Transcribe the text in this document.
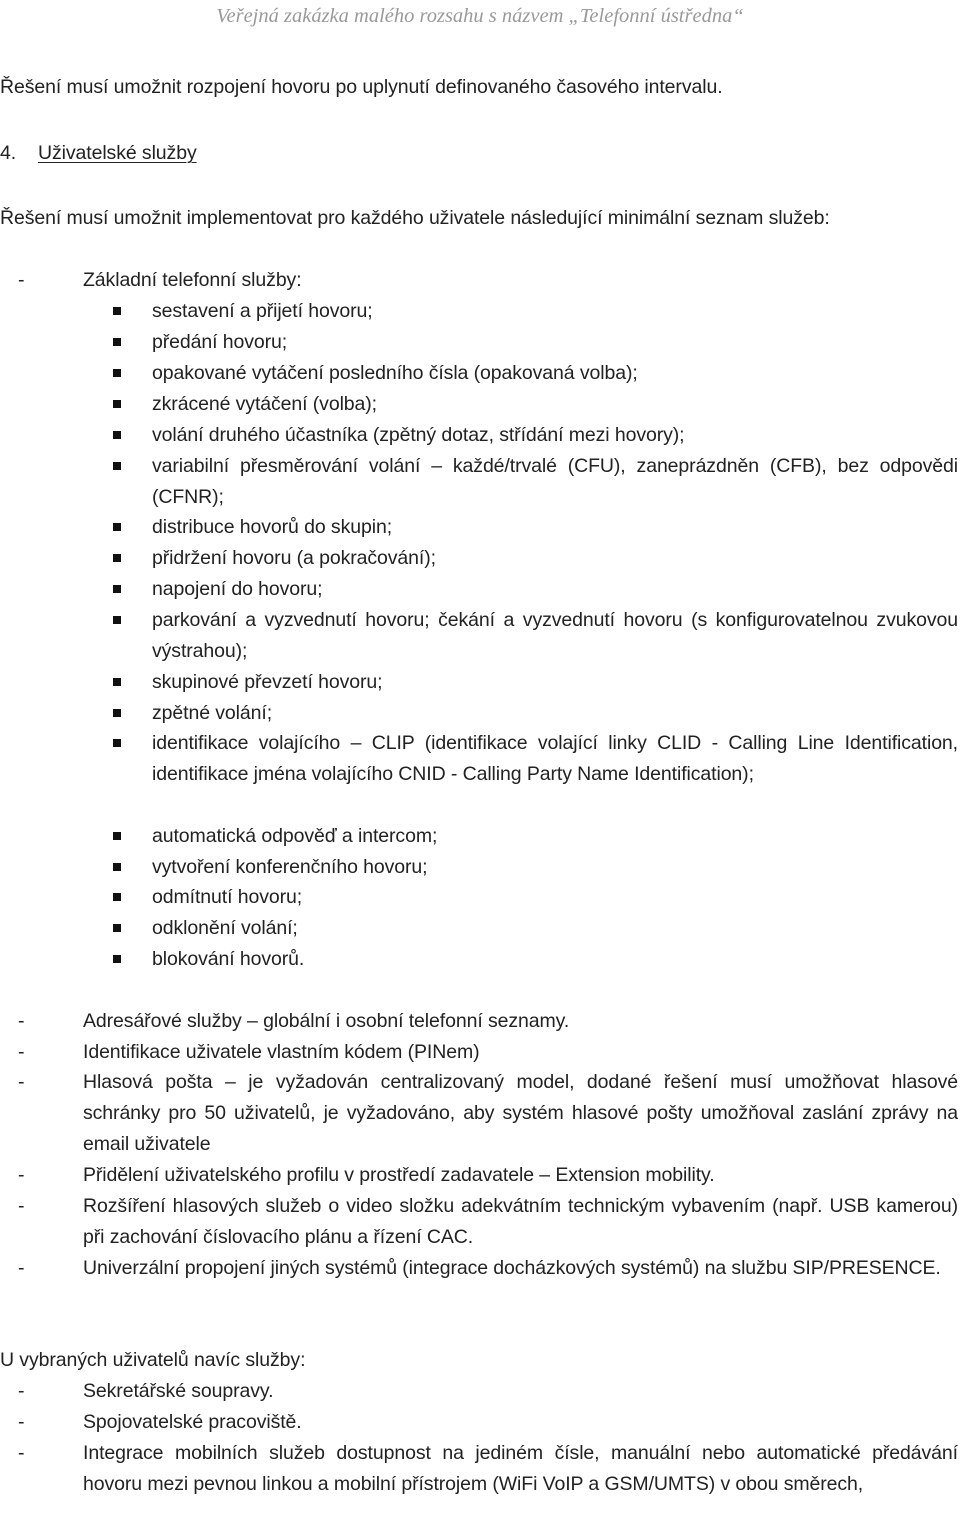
Veřejná zakázka malého rozsahu s názvem „Telefonní ústředna“

Řešení musí umožnit rozpojení hovoru po uplynutí definovaného časového intervalu.

4. Uživatelské služby

Řešení musí umožnit implementovat pro každého uživatele následující minimální seznam služeb:

-	Základní telefonní služby:
sestavení a přijetí hovoru;
předání hovoru;
opakované vytáčení posledního čísla (opakovaná volba);
zkrácené vytáčení (volba);
volání druhého účastníka (zpětný dotaz, střídání mezi hovory);
variabilní přesměrování volání – každé/trvalé (CFU), zaneprázdněn (CFB), bez odpovědi (CFNR);
distribuce hovorů do skupin;
přidržení hovoru (a pokračování);
napojení do hovoru;
parkování a vyzvednutí hovoru; čekání a vyzvednutí hovoru (s konfigurovatelnou zvukovou výstrahou);
skupinové převzetí hovoru;
zpětné volání;
identifikace volajícího – CLIP (identifikace volající linky CLID - Calling Line Identification, identifikace jména volajícího CNID - Calling Party Name Identification);
automatická odpověď a intercom;
vytvoření konferenčního hovoru;
odmítnutí hovoru;
odklonění volání;
blokování hovorů.
-	Adresářové služby – globální i osobní telefonní seznamy.
-	Identifikace uživatele vlastním kódem (PINem)
-	Hlasová pošta – je vyžadován centralizovaný model, dodané řešení musí umožňovat hlasové schránky pro 50 uživatelů, je vyžadováno, aby systém hlasové pošty umožňoval zaslání zprávy na email uživatele
-	Přidělení uživatelského profilu v prostředí zadavatele – Extension mobility.
-	Rozšíření hlasových služeb o video složku adekvátním technickým vybavením (např. USB kamerou) při zachování číslovacího plánu a řízení CAC.
-	Univerzální propojení jiných systémů (integrace docházkových systémů) na službu SIP/PRESENCE.

U vybraných uživatelů navíc služby:

-	Sekretářské soupravy.
-	Spojovatelské pracoviště.
-	Integrace mobilních služeb dostupnost na jediném čísle, manuální nebo automatické předávání hovoru mezi pevnou linkou a mobilní přístrojem (WiFi VoIP a GSM/UMTS) v obou směrech,
